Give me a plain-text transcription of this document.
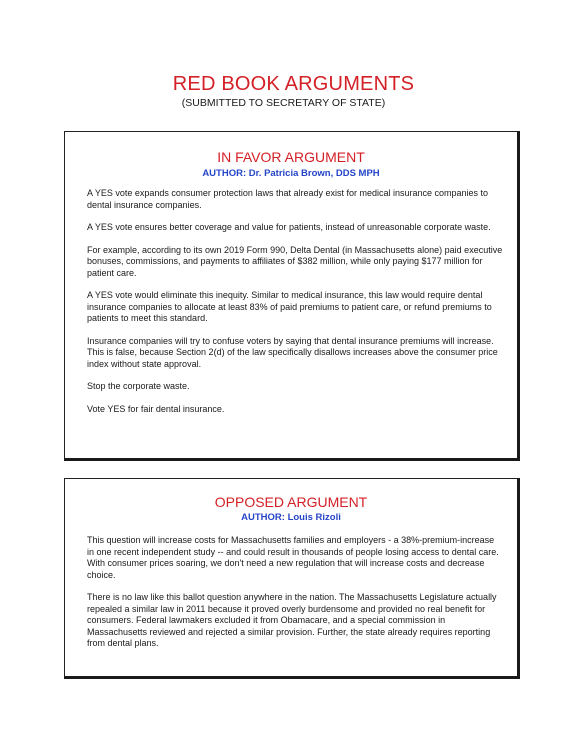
RED BOOK ARGUMENTS
(SUBMITTED TO SECRETARY OF STATE)
IN FAVOR ARGUMENT
AUTHOR: Dr. Patricia Brown, DDS MPH

A YES vote expands consumer protection laws that already exist for medical insurance companies to dental insurance companies.

A YES vote ensures better coverage and value for patients, instead of unreasonable corporate waste.

For example, according to its own 2019 Form 990, Delta Dental (in Massachusetts alone) paid executive bonuses, commissions, and payments to affiliates of $382 million, while only paying $177 million for patient care.

A YES vote would eliminate this inequity. Similar to medical insurance, this law would require dental insurance companies to allocate at least 83% of paid premiums to patient care, or refund premiums to patients to meet this standard.

Insurance companies will try to confuse voters by saying that dental insurance premiums will increase. This is false, because Section 2(d) of the law specifically disallows increases above the consumer price index without state approval.

Stop the corporate waste.

Vote YES for fair dental insurance.

OPPOSED ARGUMENT
AUTHOR: Louis Rizoli

This question will increase costs for Massachusetts families and employers - a 38%-premium-increase in one recent independent study -- and could result in thousands of people losing access to dental care. With consumer prices soaring, we don't need a new regulation that will increase costs and decrease choice.

There is no law like this ballot question anywhere in the nation. The Massachusetts Legislature actually repealed a similar law in 2011 because it proved overly burdensome and provided no real benefit for consumers. Federal lawmakers excluded it from Obamacare, and a special commission in Massachusetts reviewed and rejected a similar provision. Further, the state already requires reporting from dental plans.
